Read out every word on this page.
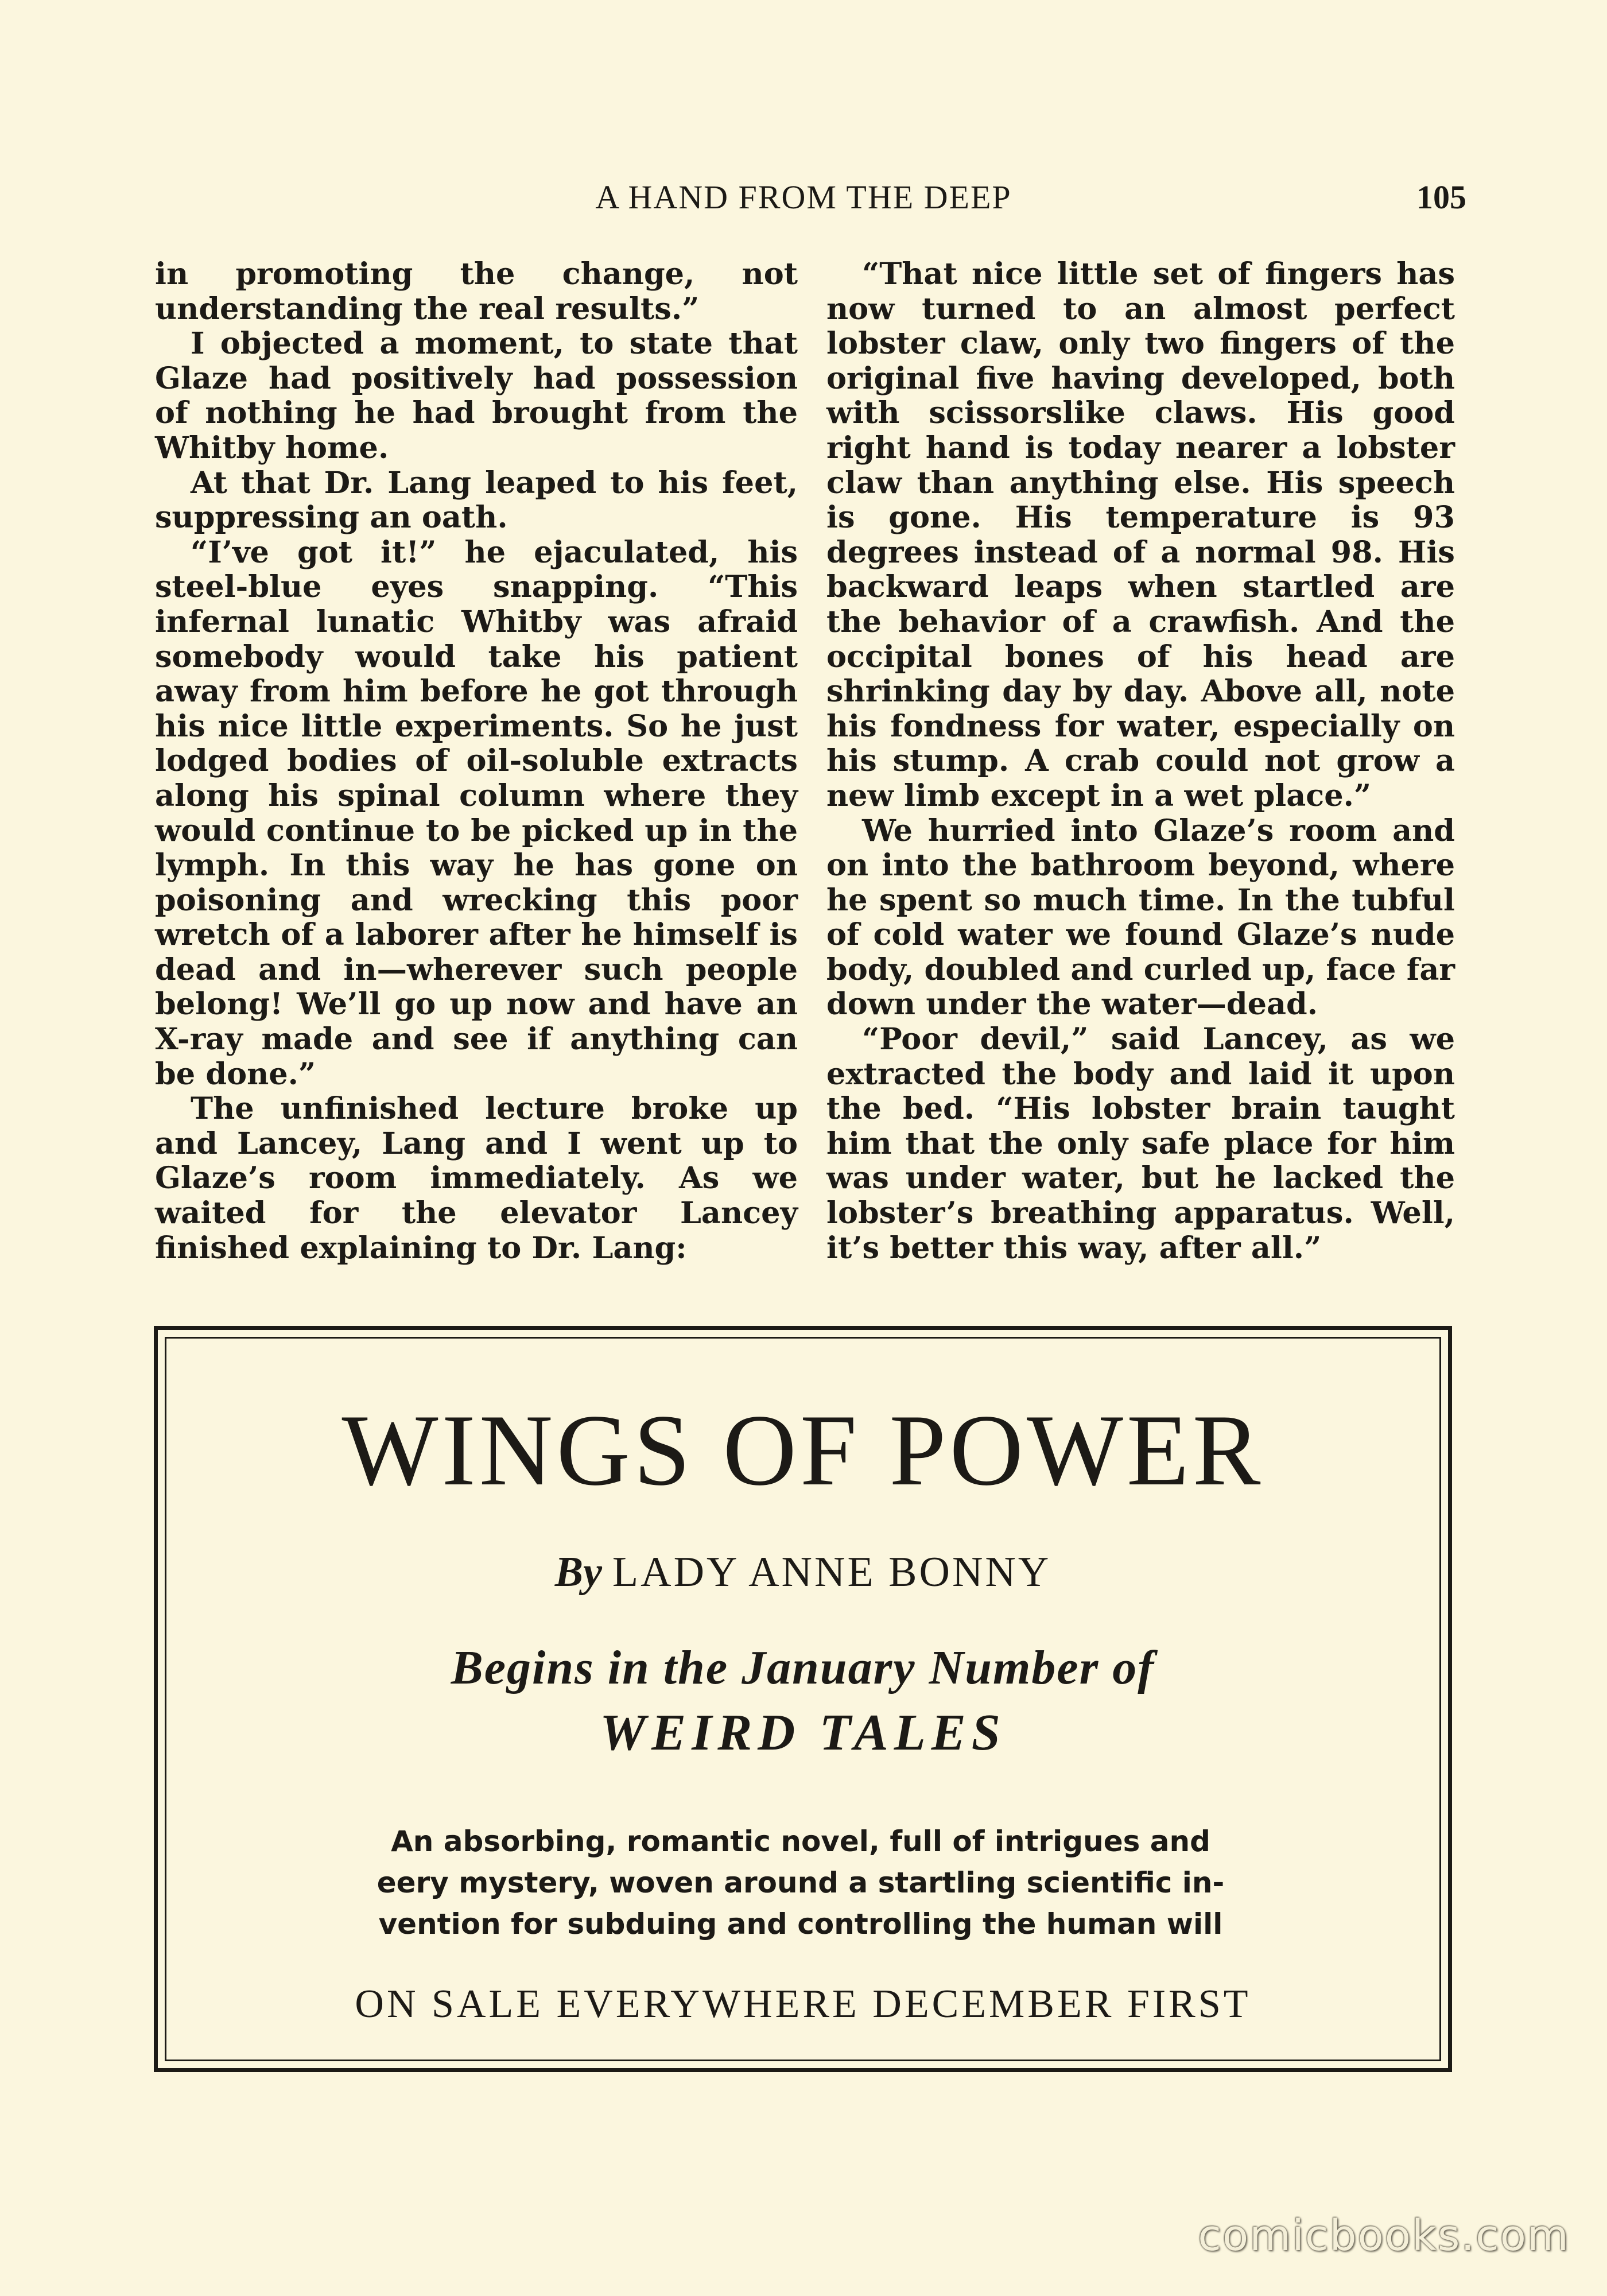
A HAND FROM THE DEEP	105

in promoting the change, not understanding the real results.”

I objected a moment, to state that Glaze had positively had possession of nothing he had brought from the Whitby home.

At that Dr. Lang leaped to his feet, suppressing an oath.

“I’ve got it!” he ejaculated, his steel-blue eyes snapping. “This infernal lunatic Whitby was afraid somebody would take his patient away from him before he got through his nice little experiments. So he just lodged bodies of oil-soluble extracts along his spinal column where they would continue to be picked up in the lymph. In this way he has gone on poisoning and wrecking this poor wretch of a laborer after he himself is dead and in—wherever such people belong! We’ll go up now and have an X-ray made and see if anything can be done.”

The unfinished lecture broke up and Lancey, Lang and I went up to Glaze’s room immediately. As we waited for the elevator Lancey finished explaining to Dr. Lang:

“That nice little set of fingers has now turned to an almost perfect lobster claw, only two fingers of the original five having developed, both with scissorslike claws. His good right hand is today nearer a lobster claw than anything else. His speech is gone. His temperature is 93 degrees instead of a normal 98. His backward leaps when startled are the behavior of a crawfish. And the occipital bones of his head are shrinking day by day. Above all, note his fondness for water, especially on his stump. A crab could not grow a new limb except in a wet place.”

We hurried into Glaze’s room and on into the bathroom beyond, where he spent so much time. In the tubful of cold water we found Glaze’s nude body, doubled and curled up, face far down under the water—dead.

“Poor devil,” said Lancey, as we extracted the body and laid it upon the bed. “His lobster brain taught him that the only safe place for him was under water, but he lacked the lobster’s breathing apparatus. Well, it’s better this way, after all.”

WINGS OF POWER
By LADY ANNE BONNY
Begins in the January Number of
WEIRD TALES
An absorbing, romantic novel, full of intrigues and
eery mystery, woven around a startling scientific in-
vention for subduing and controlling the human will
ON SALE EVERYWHERE DECEMBER FIRST
comicbooks.com
